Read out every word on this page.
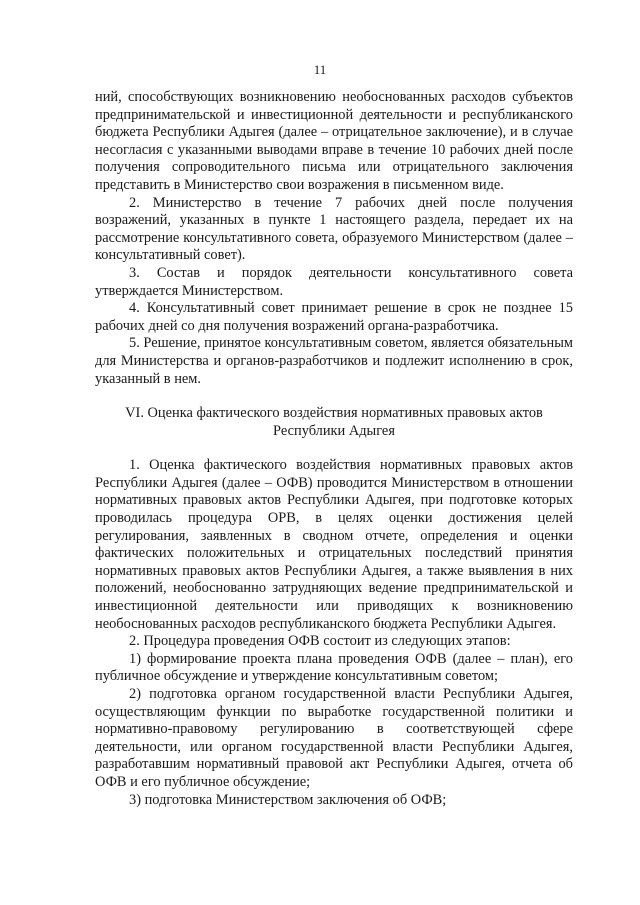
11

ний, способствующих возникновению необоснованных расходов субъектов предпринимательской и инвестиционной деятельности и республиканского бюджета Республики Адыгея (далее – отрицательное заключение), и в случае несогласия с указанными выводами вправе в течение 10 рабочих дней после получения сопроводительного письма или отрицательного заключения представить в Министерство свои возражения в письменном виде.

2. Министерство в течение 7 рабочих дней после получения возражений, указанных в пункте 1 настоящего раздела, передает их на рассмотрение консультативного совета, образуемого Министерством (далее – консультативный совет).

3. Состав и порядок деятельности консультативного совета утверждается Министерством.

4. Консультативный совет принимает решение в срок не позднее 15 рабочих дней со дня получения возражений органа-разработчика.

5. Решение, принятое консультативным советом, является обязательным для Министерства и органов-разработчиков и подлежит исполнению в срок, указанный в нем.

VI. Оценка фактического воздействия нормативных правовых актов
Республики Адыгея

1. Оценка фактического воздействия нормативных правовых актов Республики Адыгея (далее – ОФВ) проводится Министерством в отношении нормативных правовых актов Республики Адыгея, при подготовке которых проводилась процедура ОРВ, в целях оценки достижения целей регулирования, заявленных в сводном отчете, определения и оценки фактических положительных и отрицательных последствий принятия нормативных правовых актов Республики Адыгея, а также выявления в них положений, необоснованно затрудняющих ведение предпринимательской и инвестиционной деятельности или приводящих к возникновению необоснованных расходов республиканского бюджета Республики Адыгея.

2. Процедура проведения ОФВ состоит из следующих этапов:

1) формирование проекта плана проведения ОФВ (далее – план), его публичное обсуждение и утверждение консультативным советом;

2) подготовка органом государственной власти Республики Адыгея, осуществляющим функции по выработке государственной политики и нормативно-правовому регулированию в соответствующей сфере деятельности, или органом государственной власти Республики Адыгея, разработавшим нормативный правовой акт Республики Адыгея, отчета об ОФВ и его публичное обсуждение;

3) подготовка Министерством заключения об ОФВ;
